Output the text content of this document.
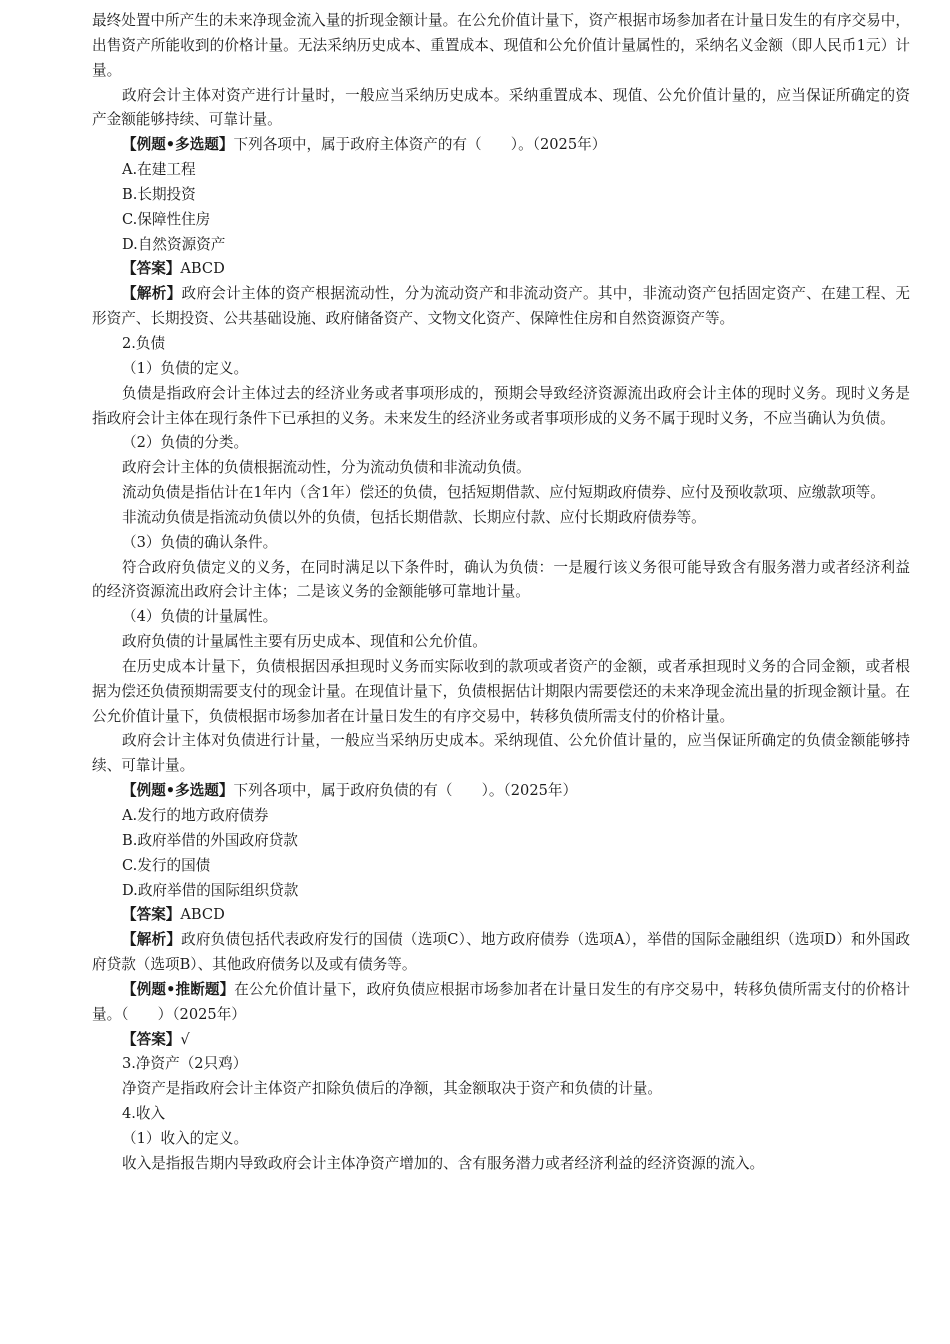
最终处置中所产生的未来净现金流入量的折现金额计量。在公允价值计量下，资产根据市场参加者在计量日发生的有序交易中，出售资产所能收到的价格计量。无法采纳历史成本、重置成本、现值和公允价值计量属性的，采纳名义金额（即人民币1元）计量。

政府会计主体对资产进行计量时，一般应当采纳历史成本。采纳重置成本、现值、公允价值计量的，应当保证所确定的资产金额能够持续、可靠计量。

【例题•多选题】下列各项中，属于政府主体资产的有（　　）。（2025年）

A.在建工程

B.长期投资

C.保障性住房

D.自然资源资产

【答案】ABCD

【解析】政府会计主体的资产根据流动性，分为流动资产和非流动资产。其中，非流动资产包括固定资产、在建工程、无形资产、长期投资、公共基础设施、政府储备资产、文物文化资产、保障性住房和自然资源资产等。

2.负债

（1）负债的定义。

负债是指政府会计主体过去的经济业务或者事项形成的，预期会导致经济资源流出政府会计主体的现时义务。现时义务是指政府会计主体在现行条件下已承担的义务。未来发生的经济业务或者事项形成的义务不属于现时义务，不应当确认为负债。

（2）负债的分类。

政府会计主体的负债根据流动性，分为流动负债和非流动负债。

流动负债是指估计在1年内（含1年）偿还的负债，包括短期借款、应付短期政府债券、应付及预收款项、应缴款项等。

非流动负债是指流动负债以外的负债，包括长期借款、长期应付款、应付长期政府债券等。

（3）负债的确认条件。

符合政府负债定义的义务，在同时满足以下条件时，确认为负债：一是履行该义务很可能导致含有服务潜力或者经济利益的经济资源流出政府会计主体；二是该义务的金额能够可靠地计量。

（4）负债的计量属性。

政府负债的计量属性主要有历史成本、现值和公允价值。

在历史成本计量下，负债根据因承担现时义务而实际收到的款项或者资产的金额，或者承担现时义务的合同金额，或者根据为偿还负债预期需要支付的现金计量。在现值计量下，负债根据估计期限内需要偿还的未来净现金流出量的折现金额计量。在公允价值计量下，负债根据市场参加者在计量日发生的有序交易中，转移负债所需支付的价格计量。

政府会计主体对负债进行计量，一般应当采纳历史成本。采纳现值、公允价值计量的，应当保证所确定的负债金额能够持续、可靠计量。

【例题•多选题】下列各项中，属于政府负债的有（　　）。（2025年）

A.发行的地方政府债券

B.政府举借的外国政府贷款

C.发行的国债

D.政府举借的国际组织贷款

【答案】ABCD

【解析】政府负债包括代表政府发行的国债（选项C）、地方政府债券（选项A），举借的国际金融组织（选项D）和外国政府贷款（选项B）、其他政府债务以及或有债务等。

【例题•推断题】在公允价值计量下，政府负债应根据市场参加者在计量日发生的有序交易中，转移负债所需支付的价格计量。（　　）（2025年）

【答案】√

3.净资产（2只鸡）

净资产是指政府会计主体资产扣除负债后的净额，其金额取决于资产和负债的计量。

4.收入

（1）收入的定义。

收入是指报告期内导致政府会计主体净资产增加的、含有服务潜力或者经济利益的经济资源的流入。
